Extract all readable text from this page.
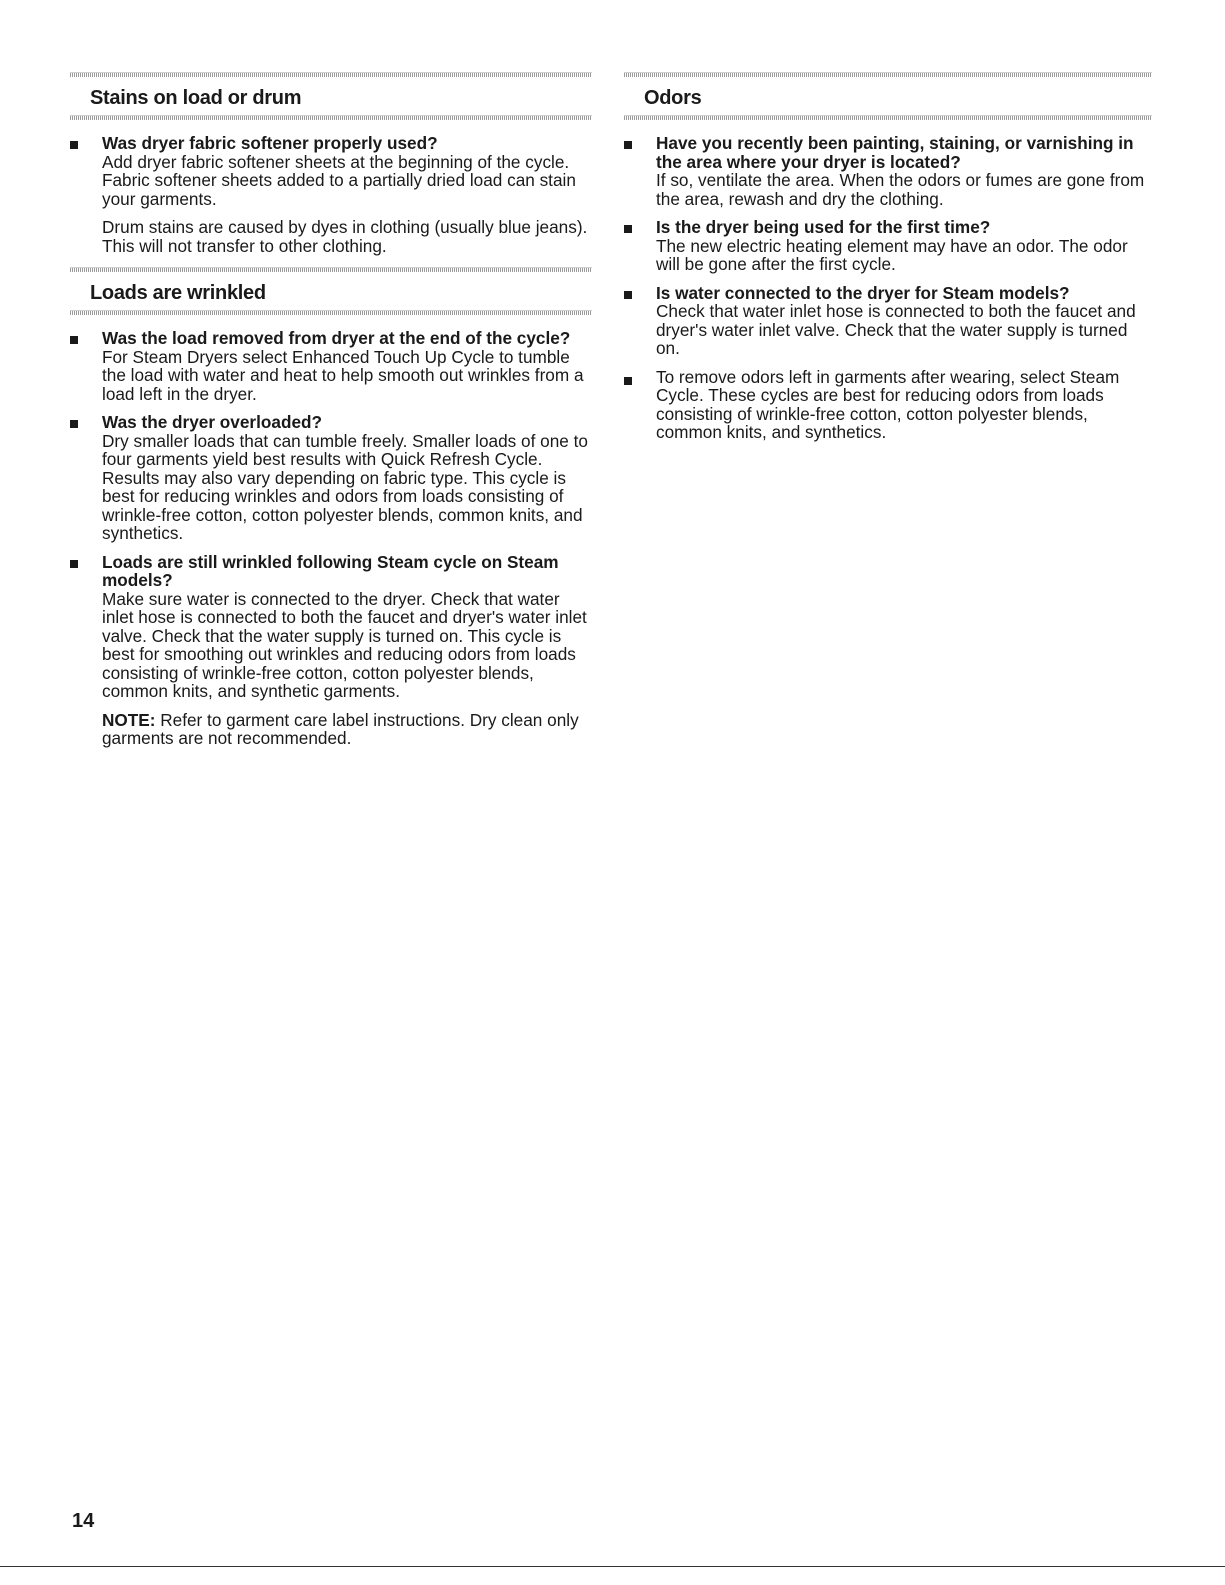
Stains on load or drum
Was dryer fabric softener properly used?
Add dryer fabric softener sheets at the beginning of the cycle. Fabric softener sheets added to a partially dried load can stain your garments.
Drum stains are caused by dyes in clothing (usually blue jeans). This will not transfer to other clothing.
Loads are wrinkled
Was the load removed from dryer at the end of the cycle?
For Steam Dryers select Enhanced Touch Up Cycle to tumble the load with water and heat to help smooth out wrinkles from a load left in the dryer.
Was the dryer overloaded?
Dry smaller loads that can tumble freely. Smaller loads of one to four garments yield best results with Quick Refresh Cycle. Results may also vary depending on fabric type. This cycle is best for reducing wrinkles and odors from loads consisting of wrinkle-free cotton, cotton polyester blends, common knits, and synthetics.
Loads are still wrinkled following Steam cycle on Steam models?
Make sure water is connected to the dryer. Check that water inlet hose is connected to both the faucet and dryer's water inlet valve. Check that the water supply is turned on. This cycle is best for smoothing out wrinkles and reducing odors from loads consisting of wrinkle-free cotton, cotton polyester blends, common knits, and synthetic garments.
NOTE: Refer to garment care label instructions. Dry clean only garments are not recommended.
Odors
Have you recently been painting, staining, or varnishing in the area where your dryer is located?
If so, ventilate the area. When the odors or fumes are gone from the area, rewash and dry the clothing.
Is the dryer being used for the first time?
The new electric heating element may have an odor. The odor will be gone after the first cycle.
Is water connected to the dryer for Steam models?
Check that water inlet hose is connected to both the faucet and dryer's water inlet valve. Check that the water supply is turned on.
To remove odors left in garments after wearing, select Steam Cycle. These cycles are best for reducing odors from loads consisting of wrinkle-free cotton, cotton polyester blends, common knits, and synthetics.
14
